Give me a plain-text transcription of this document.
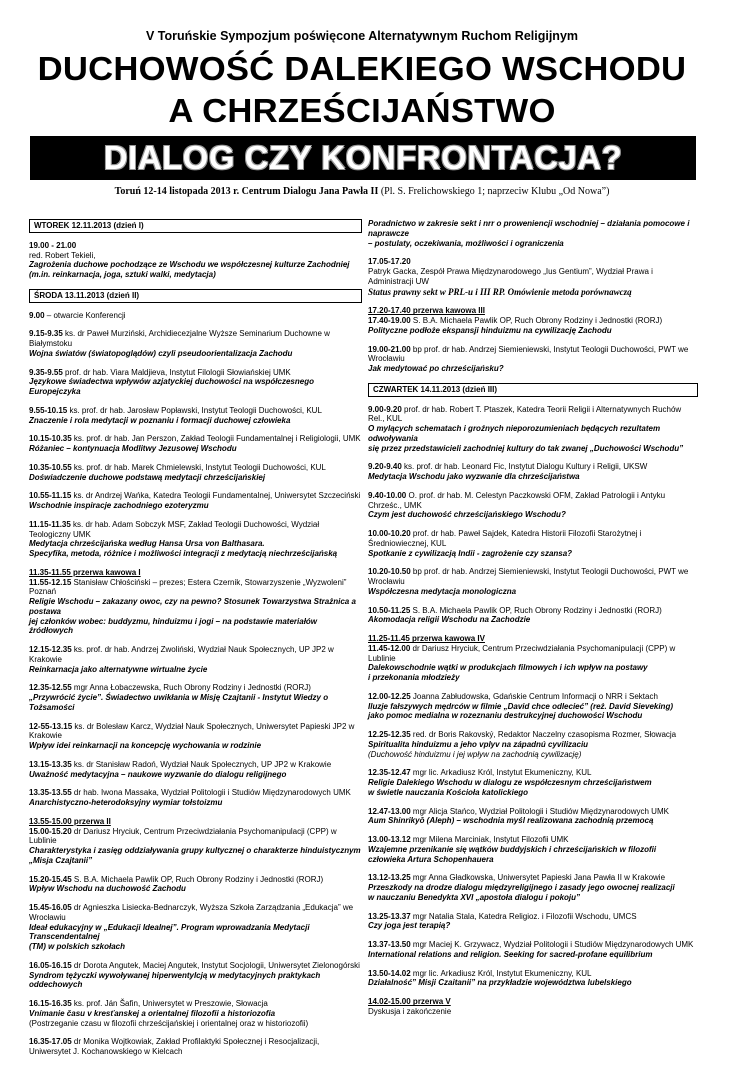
V Toruńskie Sympozjum poświęcone Alternatywnym Ruchom Religijnym
DUCHOWOŚĆ DALEKIEGO WSCHODU
A CHRZEŚCIJAŃSTWO
DIALOG CZY KONFRONTACJA?
Toruń 12-14 listopada 2013 r. Centrum Dialogu Jana Pawła II (Pl. S. Frelichowskiego 1; naprzeciw Klubu „Od Nowa”)
WTOREK 12.11.2013 (dzień I)
19.00 - 21.00
red. Robert Tekieli,
Zagrożenia duchowe pochodzące ze Wschodu we współczesnej kulturze Zachodniej
(m.in. reinkarnacja, joga, sztuki walki, medytacja)
ŚRODA 13.11.2013 (dzień II)
9.00 – otwarcie Konferencji
9.15-9.35 ks. dr Paweł Murziński, Archidiecezjalne Wyższe Seminarium Duchowne w Białymstoku
Wojna światów (światopoglądów) czyli pseudoorientalizacja Zachodu
9.35-9.55 prof. dr hab. Viara Maldjieva, Instytut Filologii Słowiańskiej UMK
Językowe świadectwa wpływów azjatyckiej duchowości na współczesnego Europejczyka
9.55-10.15 ks. prof. dr hab. Jarosław Popławski, Instytut Teologii Duchowości, KUL
Znaczenie i rola medytacji w poznaniu i formacji duchowej człowieka
10.15-10.35 ks. prof. dr hab. Jan Perszon, Zakład Teologii Fundamentalnej i Religiologii, UMK
Różaniec – kontynuacja Modlitwy Jezusowej Wschodu
10.35-10.55 ks. prof. dr hab. Marek Chmielewski, Instytut Teologii Duchowości, KUL
Doświadczenie duchowe podstawą medytacji chrześcijańskiej
10.55-11.15 ks. dr Andrzej Wańka, Katedra Teologii Fundamentalnej, Uniwersytet Szczeciński
Wschodnie inspiracje zachodniego ezoteryzmu
11.15-11.35 ks. dr hab. Adam Sobczyk MSF, Zakład Teologii Duchowości, Wydział Teologiczny UMK
Medytacja chrześcijańska według Hansa Ursa von Balthasara.
Specyfika, metoda, różnice i możliwości integracji z medytacją niechrześcijańską
11.35-11.55 przerwa kawowa I
11.55-12.15 Stanisław Chłościński – prezes; Estera Czernik, Stowarzyszenie „Wyzwoleni” Poznań
Religie Wschodu – zakazany owoc, czy na pewno? Stosunek Towarzystwa Strażnica a postawa
jej członków wobec: buddyzmu, hinduizmu i jogi – na podstawie materiałów źródłowych
12.15-12.35 ks. prof. dr hab. Andrzej Zwoliński, Wydział Nauk Społecznych, UP JP2 w Krakowie
Reinkarnacja jako alternatywne wirtualne życie
12.35-12.55 mgr Anna Łobaczewska, Ruch Obrony Rodziny i Jednostki (RORJ)
„Przywrócić życie”. Świadectwo uwikłania w Misję Czajtanii - Instytut Wiedzy o Tożsamości
12-55-13.15 ks. dr Bolesław Karcz, Wydział Nauk Społecznych, Uniwersytet Papieski JP2 w Krakowie
Wpływ idei reinkarnacji na koncepcję wychowania w rodzinie
13.15-13.35 ks. dr Stanisław Radoń, Wydział Nauk Społecznych, UP JP2 w Krakowie
Uważność medytacyjna – naukowe wyzwanie do dialogu religijnego
13.35-13.55 dr hab. Iwona Massaka, Wydział Politologii i Studiów Międzynarodowych UMK
Anarchistyczno-heterodoksyjny wymiar tołstoizmu
13.55-15.00 przerwa II
15.00-15.20 dr Dariusz Hryciuk, Centrum Przeciwdziałania Psychomanipulacji (CPP) w Lublinie
Charakterystyka i zasięg oddziaływania grupy kultycznej o charakterze hinduistycznym
„Misja Czajtanii”
15.20-15.45 S. B.A. Michaela Pawlik OP, Ruch Obrony Rodziny i Jednostki (RORJ)
Wpływ Wschodu na duchowość Zachodu
15.45-16.05 dr Agnieszka Lisiecka-Bednarczyk, Wyższa Szkoła Zarządzania „Edukacja” we Wrocławiu
Ideał edukacyjny w „Edukacji Idealnej”. Program wprowadzania Medytacji Transcendentalnej
(TM) w polskich szkołach
16.05-16.15 dr Dorota Angutek, Maciej Angutek, Instytut Socjologii, Uniwersytet Zielonogórski
Syndrom tężyczki wywoływanej hiperwentylcją w medytacyjnych praktykach oddechowych
16.15-16.35 ks. prof. Ján Šafin, Uniwersytet w Preszowie, Słowacja
Vnímanie času v kresťanskej a orientalnej filozofii a historiozofia
(Postrzeganie czasu w filozofii chrześcijańskiej i orientalnej oraz w historiozofii)
16.35-17.05 dr Monika Wojtkowiak, Zakład Profilaktyki Społecznej i Resocjalizacji,
Uniwersytet J. Kochanowskiego w Kielcach
Poradnictwo w zakresie sekt i nrr o proweniencji wschodniej – działania pomocowe i naprawcze
– postulaty, oczekiwania, możliwości i ograniczenia
17.05-17.20
Patryk Gacka, Zespół Prawa Międzynarodowego „Ius Gentium”, Wydział Prawa i Administracji UW
Status prawny sekt w PRL-u i III RP. Omówienie metoda porównawczą
17.20-17.40 przerwa kawowa III
17.40-19.00 S. B.A. Michaela Pawlik OP, Ruch Obrony Rodziny i Jednostki (RORJ)
Polityczne podłoże ekspansji hinduizmu na cywilizację Zachodu
19.00-21.00 bp prof. dr hab. Andrzej Siemieniewski, Instytut Teologii Duchowości, PWT we Wrocławiu
Jak medytować po chrześcijańsku?
CZWARTEK 14.11.2013 (dzień III)
9.00-9.20 prof. dr hab. Robert T. Ptaszek, Katedra Teorii Religii i Alternatywnych Ruchów Rel., KUL
O mylących schematach i groźnych nieporozumieniach będących rezultatem odwoływania
się przez przedstawicieli zachodniej kultury do tak zwanej „Duchowości Wschodu”
9.20-9.40 ks. prof. dr hab. Leonard Fic, Instytut Dialogu Kultury i Religii, UKSW
Medytacja Wschodu jako wyzwanie dla chrześcijaństwa
9.40-10.00 O. prof. dr hab. M. Celestyn Paczkowski OFM, Zakład Patrologii i Antyku Chrześc., UMK
Czym jest duchowość chrześcijańskiego Wschodu?
10.00-10.20 prof. dr hab. Paweł Sajdek, Katedra Historii Filozofii Starożytnej i Średniowiecznej, KUL
Spotkanie z cywilizacją Indii - zagrożenie czy szansa?
10.20-10.50 bp prof. dr hab. Andrzej Siemieniewski, Instytut Teologii Duchowości, PWT we Wrocławiu
Współczesna medytacja monologiczna
10.50-11.25 S. B.A. Michaela Pawlik OP, Ruch Obrony Rodziny i Jednostki (RORJ)
Akomodacja religii Wschodu na Zachodzie
11.25-11.45 przerwa kawowa IV
11.45-12.00 dr Dariusz Hryciuk, Centrum Przeciwdziałania Psychomanipulacji (CPP) w Lublinie
Dalekowschodnie wątki w produkcjach filmowych i ich wpływ na postawy
i przekonania młodzieży
12.00-12.25 Joanna Zabłudowska, Gdańskie Centrum Informacji o NRR i Sektach
Iluzje fałszywych mędrców w filmie „David chce odlecieć” (reż. David Sieveking)
jako pomoc medialna w rozeznaniu destrukcyjnej duchowości Wschodu
12.25-12.35 red. dr Boris Rakovský, Redaktor Naczelny czasopisma Rozmer, Słowacja
Spiritualita hinduizmu a jeho vplyv na západnú cyvilizaciu
(Duchowość hinduizmu i jej wpływ na zachodnią cywilizację)
12.35-12.47 mgr lic. Arkadiusz Król, Instytut Ekumeniczny, KUL
Religie Dalekiego Wschodu w dialogu ze współczesnym chrześcijaństwem
w świetle nauczania Kościoła katolickiego
12.47-13.00 mgr Alicja Stańco, Wydział Politologii i Studiów Międzynarodowych UMK
Aum Shinrikyō (Aleph) – wschodnia myśl realizowana zachodnią przemocą
13.00-13.12 mgr Milena Marciniak, Instytut Filozofii UMK
Wzajemne przenikanie się wątków buddyjskich i chrześcijańskich w filozofii
człowieka Artura Schopenhauera
13.12-13.25 mgr Anna Gładkowska, Uniwersytet Papieski Jana Pawła II w Krakowie
Przeszkody na drodze dialogu międzyreligijnego i zasady jego owocnej realizacji
w nauczaniu Benedykta XVI „apostoła dialogu i pokoju”
13.25-13.37 mgr Natalia Stala, Katedra Religioz. i Filozofii Wschodu, UMCS
Czy joga jest terapią?
13.37-13.50 mgr Maciej K. Grzywacz, Wydział Politologii i Studiów Międzynarodowych UMK
International relations and religion. Seeking for sacred-profane equilibrium
13.50-14.02 mgr lic. Arkadiusz Król, Instytut Ekumeniczny, KUL
Działalność” Misji Czaitanii” na przykładzie województwa lubelskiego
14.02-15.00 przerwa V
Dyskusja i zakończenie
